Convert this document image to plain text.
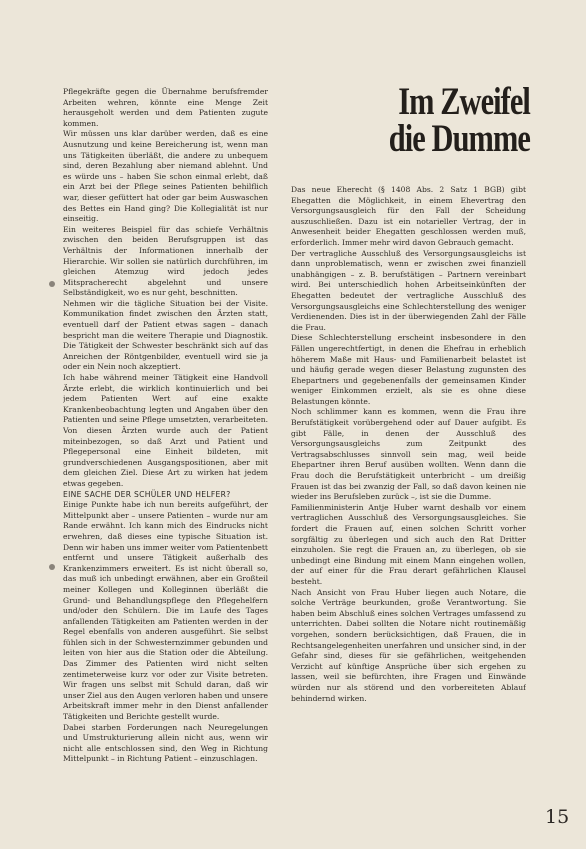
Im Zweifel
die Dumme

Pflegekräfte gegen die Übernahme berufsfremder Arbeiten wehren, könnte eine Menge Zeit herausgeholt werden und dem Patienten zugute kommen.

Wir müssen uns klar darüber werden, daß es eine Ausnutzung und keine Bereicherung ist, wenn man uns Tätigkeiten überläßt, die andere zu unbequem sind, deren Bezahlung aber niemand ablehnt. Und es würde uns – haben Sie schon einmal erlebt, daß ein Arzt bei der Pflege seines Patienten behilflich war, dieser gefüttert hat oder gar beim Auswaschen des Bettes ein Hand ging? Die Kollegialität ist nur einseitig.

Ein weiteres Beispiel für das schiefe Verhältnis zwischen den beiden Berufsgruppen ist das Verhältnis der Informationen innerhalb der Hierarchie. Wir sollen sie natürlich durchführen, im gleichen Atemzug wird jedoch jedes Mitspracherecht abgelehnt und unsere Selbständigkeit, wo es nur geht, beschnitten.

Nehmen wir die tägliche Situation bei der Visite. Kommunikation findet zwischen den Ärzten statt, eventuell darf der Patient etwas sagen – danach bespricht man die weitere Therapie und Diagnostik. Die Tätigkeit der Schwester beschränkt sich auf das Anreichen der Röntgenbilder, eventuell wird sie ja oder ein Nein noch akzeptiert.

Ich habe während meiner Tätigkeit eine Handvoll Ärzte erlebt, die wirklich kontinuierlich und bei jedem Patienten Wert auf eine exakte Krankenbeobachtung legten und Angaben über den Patienten und seine Pflege umsetzten, verarbeiteten. Von diesen Ärzten wurde auch der Patient miteinbezogen, so daß Arzt und Patient und Pflegepersonal eine Einheit bildeten, mit grundverschiedenen Ausgangspositionen, aber mit dem gleichen Ziel. Diese Art zu wirken hat jedem etwas gegeben.

EINE SACHE DER SCHÜLER UND HELFER?

Einige Punkte habe ich nun bereits aufgeführt, der Mittelpunkt aber – unsere Patienten – wurde nur am Rande erwähnt. Ich kann mich des Eindrucks nicht erwehren, daß dieses eine typische Situation ist. Denn wir haben uns immer weiter vom Patientenbett entfernt und unsere Tätigkeit außerhalb des Krankenzimmers erweitert. Es ist nicht überall so, das muß ich unbedingt erwähnen, aber ein Großteil meiner Kollegen und Kolleginnen überläßt die Grund- und Behandlungspflege den Pflegehelfern und/oder den Schülern. Die im Laufe des Tages anfallenden Tätigkeiten am Patienten werden in der Regel ebenfalls von anderen ausgeführt. Sie selbst fühlen sich in der Schwesternzimmer gebunden und leiten von hier aus die Station oder die Abteilung. Das Zimmer des Patienten wird nicht selten zentimeterweise kurz vor oder zur Visite betreten. Wir fragen uns selbst mit Schuld daran, daß wir unser Ziel aus den Augen verloren haben und unsere Arbeitskraft immer mehr in den Dienst anfallender Tätigkeiten und Berichte gestellt wurde.

Dabei starben Forderungen nach Neuregelungen und Umstrukturierung allein nicht aus, wenn wir nicht alle entschlossen sind, den Weg in Richtung Mittelpunkt – in Richtung Patient – einzuschlagen.

Das neue Eherecht (§ 1408 Abs. 2 Satz 1 BGB) gibt Ehegatten die Möglichkeit, in einem Ehevertrag den Versorgungsausgleich für den Fall der Scheidung auszuschließen. Dazu ist ein notarieller Vertrag, der in Anwesenheit beider Ehegatten geschlossen werden muß, erforderlich. Immer mehr wird davon Gebrauch gemacht.

Der vertragliche Ausschluß des Versorgungsausgleichs ist dann unproblematisch, wenn er zwischen zwei finanziell unabhängigen – z. B. berufstätigen – Partnern vereinbart wird. Bei unterschiedlich hohen Arbeitseinkünften der Ehegatten bedeutet der vertragliche Ausschluß des Versorgungsausgleichs eine Schlechterstellung des weniger Verdienenden. Dies ist in der überwiegenden Zahl der Fälle die Frau.

Diese Schlechterstellung erscheint insbesondere in den Fällen ungerechtfertigt, in denen die Ehefrau in erheblich höherem Maße mit Haus- und Familienarbeit belastet ist und häufig gerade wegen dieser Belastung zugunsten des Ehepartners und gegebenenfalls der gemeinsamen Kinder weniger Einkommen erzielt, als sie es ohne diese Belastungen könnte.

Noch schlimmer kann es kommen, wenn die Frau ihre Berufstätigkeit vorübergehend oder auf Dauer aufgibt. Es gibt Fälle, in denen der Ausschluß des Versorgungsausgleichs zum Zeitpunkt des Vertragsabschlusses sinnvoll sein mag, weil beide Ehepartner ihren Beruf ausüben wollten. Wenn dann die Frau doch die Berufstätigkeit unterbricht – um dreißig Frauen ist das bei zwanzig der Fall, so daß davon keinen nie wieder ins Berufsleben zurück –, ist sie die Dumme.

Familienministerin Antje Huber warnt deshalb vor einem vertraglichen Ausschluß des Versorgungsausgleiches. Sie fordert die Frauen auf, einen solchen Schritt vorher sorgfältig zu überlegen und sich auch den Rat Dritter einzuholen. Sie regt die Frauen an, zu überlegen, ob sie unbedingt eine Bindung mit einem Mann eingehen wollen, der auf einer für die Frau derart gefährlichen Klausel besteht.

Nach Ansicht von Frau Huber liegen auch Notare, die solche Verträge beurkunden, große Verantwortung. Sie haben beim Abschluß eines solchen Vertrages umfassend zu unterrichten. Dabei sollten die Notare nicht routinemäßig vorgehen, sondern berücksichtigen, daß Frauen, die in Rechtsangelegenheiten unerfahren und unsicher sind, in der Gefahr sind, dieses für sie gefährlichen, weitgehenden Verzicht auf künftige Ansprüche über sich ergehen zu lassen, weil sie befürchten, ihre Fragen und Einwände würden nur als störend und den vorbereiteten Ablauf behindernd wirken.

15
